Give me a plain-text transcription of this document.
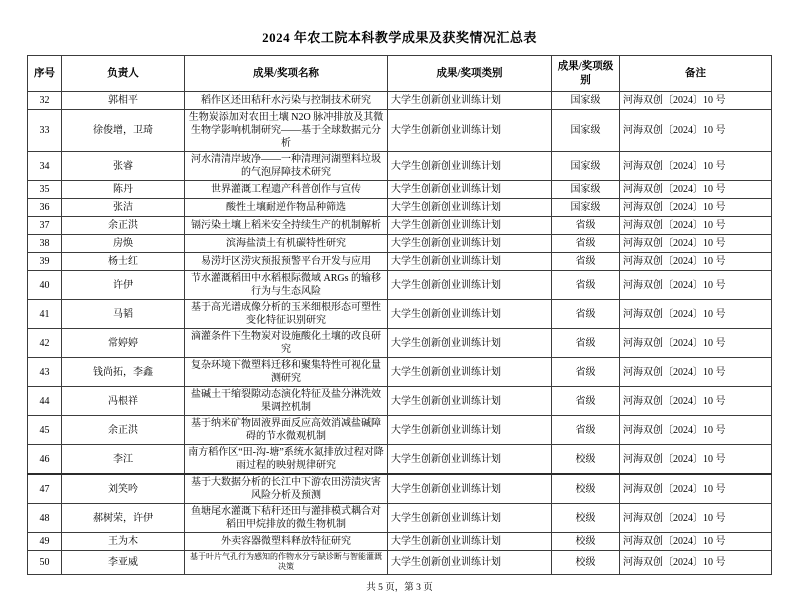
2024 年农工院本科教学成果及获奖情况汇总表
序号	负责人	成果/奖项名称	成果/奖项类别	成果/奖项级别	备注
32	郭相平	稻作区还田秸秆水污染与控制技术研究	大学生创新创业训练计划	国家级	河海双创〔2024〕10 号
33	徐俊增，卫琦	生物炭添加对农田土壤 N2O 脉冲排放及其微生物学影响机制研究——基于全球数据元分析	大学生创新创业训练计划	国家级	河海双创〔2024〕10 号
34	张睿	河水清清岸坡净——一种清理河湖塑料垃圾的气泡屏障技术研究	大学生创新创业训练计划	国家级	河海双创〔2024〕10 号
35	陈丹	世界灌溉工程遗产科普创作与宣传	大学生创新创业训练计划	国家级	河海双创〔2024〕10 号
36	张洁	酸性土壤耐逆作物品种筛选	大学生创新创业训练计划	国家级	河海双创〔2024〕10 号
37	余正洪	镉污染土壤上稻米安全持续生产的机制解析	大学生创新创业训练计划	省级	河海双创〔2024〕10 号
38	房焕	滨海盐渍土有机碳特性研究	大学生创新创业训练计划	省级	河海双创〔2024〕10 号
39	杨士红	易涝圩区涝灾预报预警平台开发与应用	大学生创新创业训练计划	省级	河海双创〔2024〕10 号
40	许伊	节水灌溉稻田中水稻根际微域 ARGs 的输移行为与生态风险	大学生创新创业训练计划	省级	河海双创〔2024〕10 号
41	马韬	基于高光谱成像分析的玉米细根形态可塑性变化特征识别研究	大学生创新创业训练计划	省级	河海双创〔2024〕10 号
42	常婷婷	滴灌条件下生物炭对设施酸化土壤的改良研究	大学生创新创业训练计划	省级	河海双创〔2024〕10 号
43	钱尚拓，李鑫	复杂环境下微塑料迁移和聚集特性可视化量测研究	大学生创新创业训练计划	省级	河海双创〔2024〕10 号
44	冯根祥	盐碱土干缩裂隙动态演化特征及盐分淋洗效果调控机制	大学生创新创业训练计划	省级	河海双创〔2024〕10 号
45	余正洪	基于纳米矿物固液界面反应高效消减盐碱障碍的节水微观机制	大学生创新创业训练计划	省级	河海双创〔2024〕10 号
46	李江	南方稻作区“田-沟-塘”系统水氮排放过程对降雨过程的映射规律研究	大学生创新创业训练计划	校级	河海双创〔2024〕10 号
47	刘笑吟	基于大数据分析的长江中下游农田涝渍灾害风险分析及预测	大学生创新创业训练计划	校级	河海双创〔2024〕10 号
48	郝树荣，许伊	鱼塘尾水灌溉下秸秆还田与灌排模式耦合对稻田甲烷排放的微生物机制	大学生创新创业训练计划	校级	河海双创〔2024〕10 号
49	王为木	外卖容器微塑料释放特征研究	大学生创新创业训练计划	校级	河海双创〔2024〕10 号
50	李亚威	基于叶片气孔行为感知的作物水分亏缺诊断与智能灌溉决策	大学生创新创业训练计划	校级	河海双创〔2024〕10 号
共 5 页，第 3 页
